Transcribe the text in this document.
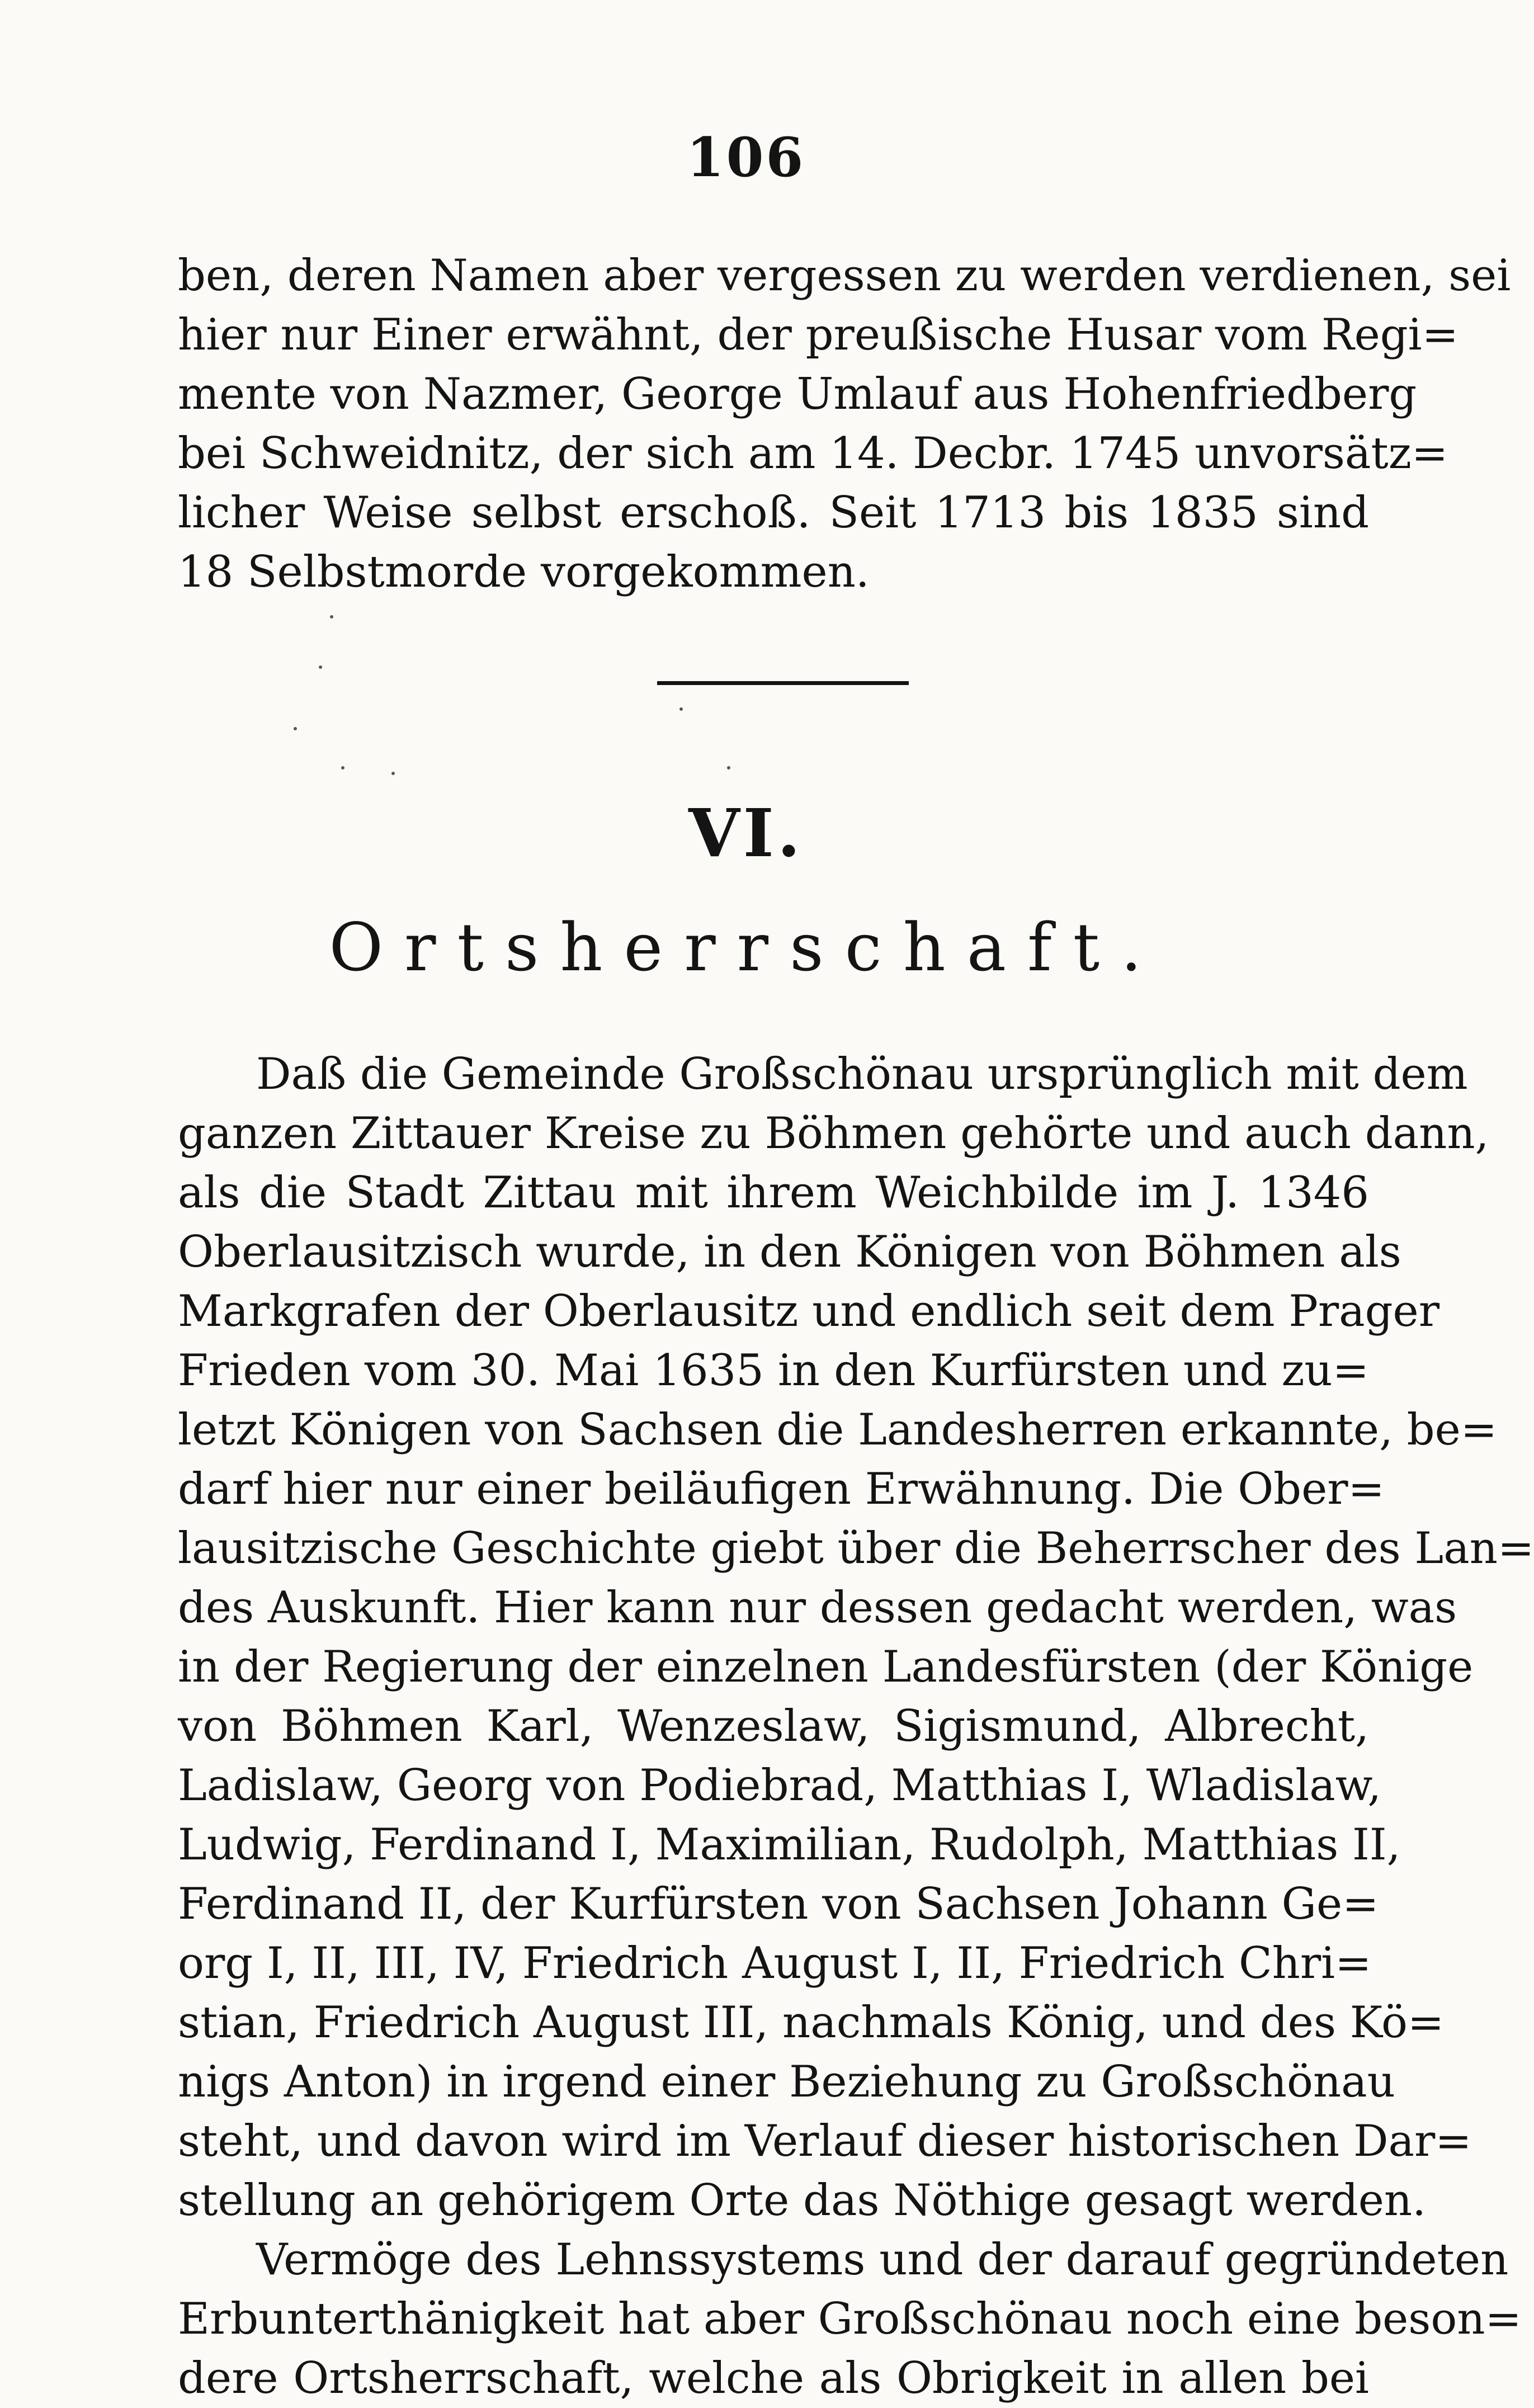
106
ben, deren Namen aber vergessen zu werden verdienen, sei
hier nur Einer erwähnt, der preußische Husar vom Regi=
mente von Nazmer, George Umlauf aus Hohenfriedberg
bei Schweidnitz, der sich am 14. Decbr. 1745 unvorsätz=
licher Weise selbst erschoß. Seit 1713 bis 1835 sind
18 Selbstmorde vorgekommen.
VI.
Ortsherrschaft.
Daß die Gemeinde Großschönau ursprünglich mit dem
ganzen Zittauer Kreise zu Böhmen gehörte und auch dann,
als die Stadt Zittau mit ihrem Weichbilde im J. 1346
Oberlausitzisch wurde, in den Königen von Böhmen als
Markgrafen der Oberlausitz und endlich seit dem Prager
Frieden vom 30. Mai 1635 in den Kurfürsten und zu=
letzt Königen von Sachsen die Landesherren erkannte, be=
darf hier nur einer beiläufigen Erwähnung. Die Ober=
lausitzische Geschichte giebt über die Beherrscher des Lan=
des Auskunft. Hier kann nur dessen gedacht werden, was
in der Regierung der einzelnen Landesfürsten (der Könige
von Böhmen Karl, Wenzeslaw, Sigismund, Albrecht,
Ladislaw, Georg von Podiebrad, Matthias I, Wladislaw,
Ludwig, Ferdinand I, Maximilian, Rudolph, Matthias II,
Ferdinand II, der Kurfürsten von Sachsen Johann Ge=
org I, II, III, IV, Friedrich August I, II, Friedrich Chri=
stian, Friedrich August III, nachmals König, und des Kö=
nigs Anton) in irgend einer Beziehung zu Großschönau
steht, und davon wird im Verlauf dieser historischen Dar=
stellung an gehörigem Orte das Nöthige gesagt werden.
Vermöge des Lehnssystems und der darauf gegründeten
Erbunterthänigkeit hat aber Großschönau noch eine beson=
dere Ortsherrschaft, welche als Obrigkeit in allen bei
